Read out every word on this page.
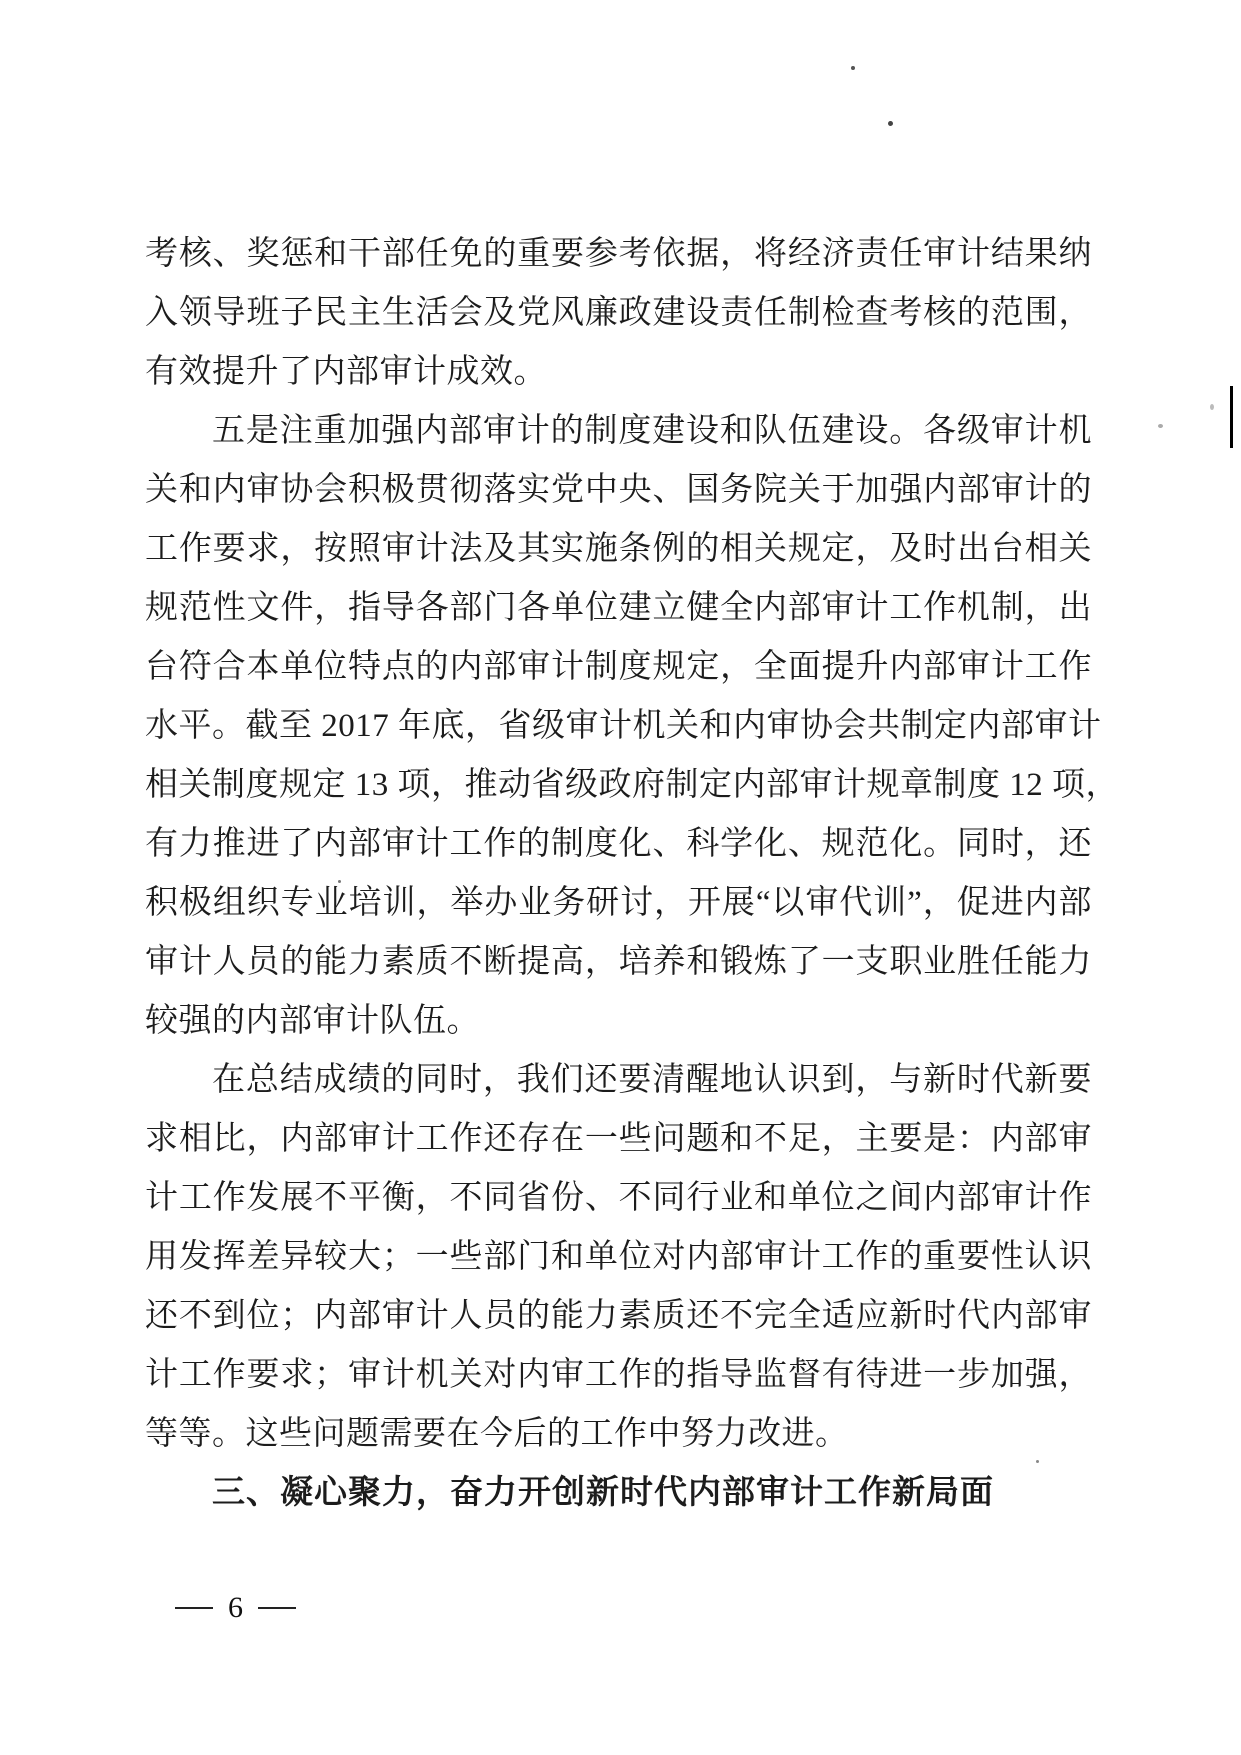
考核、奖惩和干部任免的重要参考依据，将经济责任审计结果纳
入领导班子民主生活会及党风廉政建设责任制检查考核的范围，
有效提升了内部审计成效。
五是注重加强内部审计的制度建设和队伍建设。各级审计机
关和内审协会积极贯彻落实党中央、国务院关于加强内部审计的
工作要求，按照审计法及其实施条例的相关规定，及时出台相关
规范性文件，指导各部门各单位建立健全内部审计工作机制，出
台符合本单位特点的内部审计制度规定，全面提升内部审计工作
水平。截至 2017 年底，省级审计机关和内审协会共制定内部审计
相关制度规定 13 项，推动省级政府制定内部审计规章制度 12 项，
有力推进了内部审计工作的制度化、科学化、规范化。同时，还
积极组织专业培训，举办业务研讨，开展“以审代训”，促进内部
审计人员的能力素质不断提高，培养和锻炼了一支职业胜任能力
较强的内部审计队伍。
在总结成绩的同时，我们还要清醒地认识到，与新时代新要
求相比，内部审计工作还存在一些问题和不足，主要是：内部审
计工作发展不平衡，不同省份、不同行业和单位之间内部审计作
用发挥差异较大；一些部门和单位对内部审计工作的重要性认识
还不到位；内部审计人员的能力素质还不完全适应新时代内部审
计工作要求；审计机关对内审工作的指导监督有待进一步加强，
等等。这些问题需要在今后的工作中努力改进。
三、凝心聚力，奋力开创新时代内部审计工作新局面
6
